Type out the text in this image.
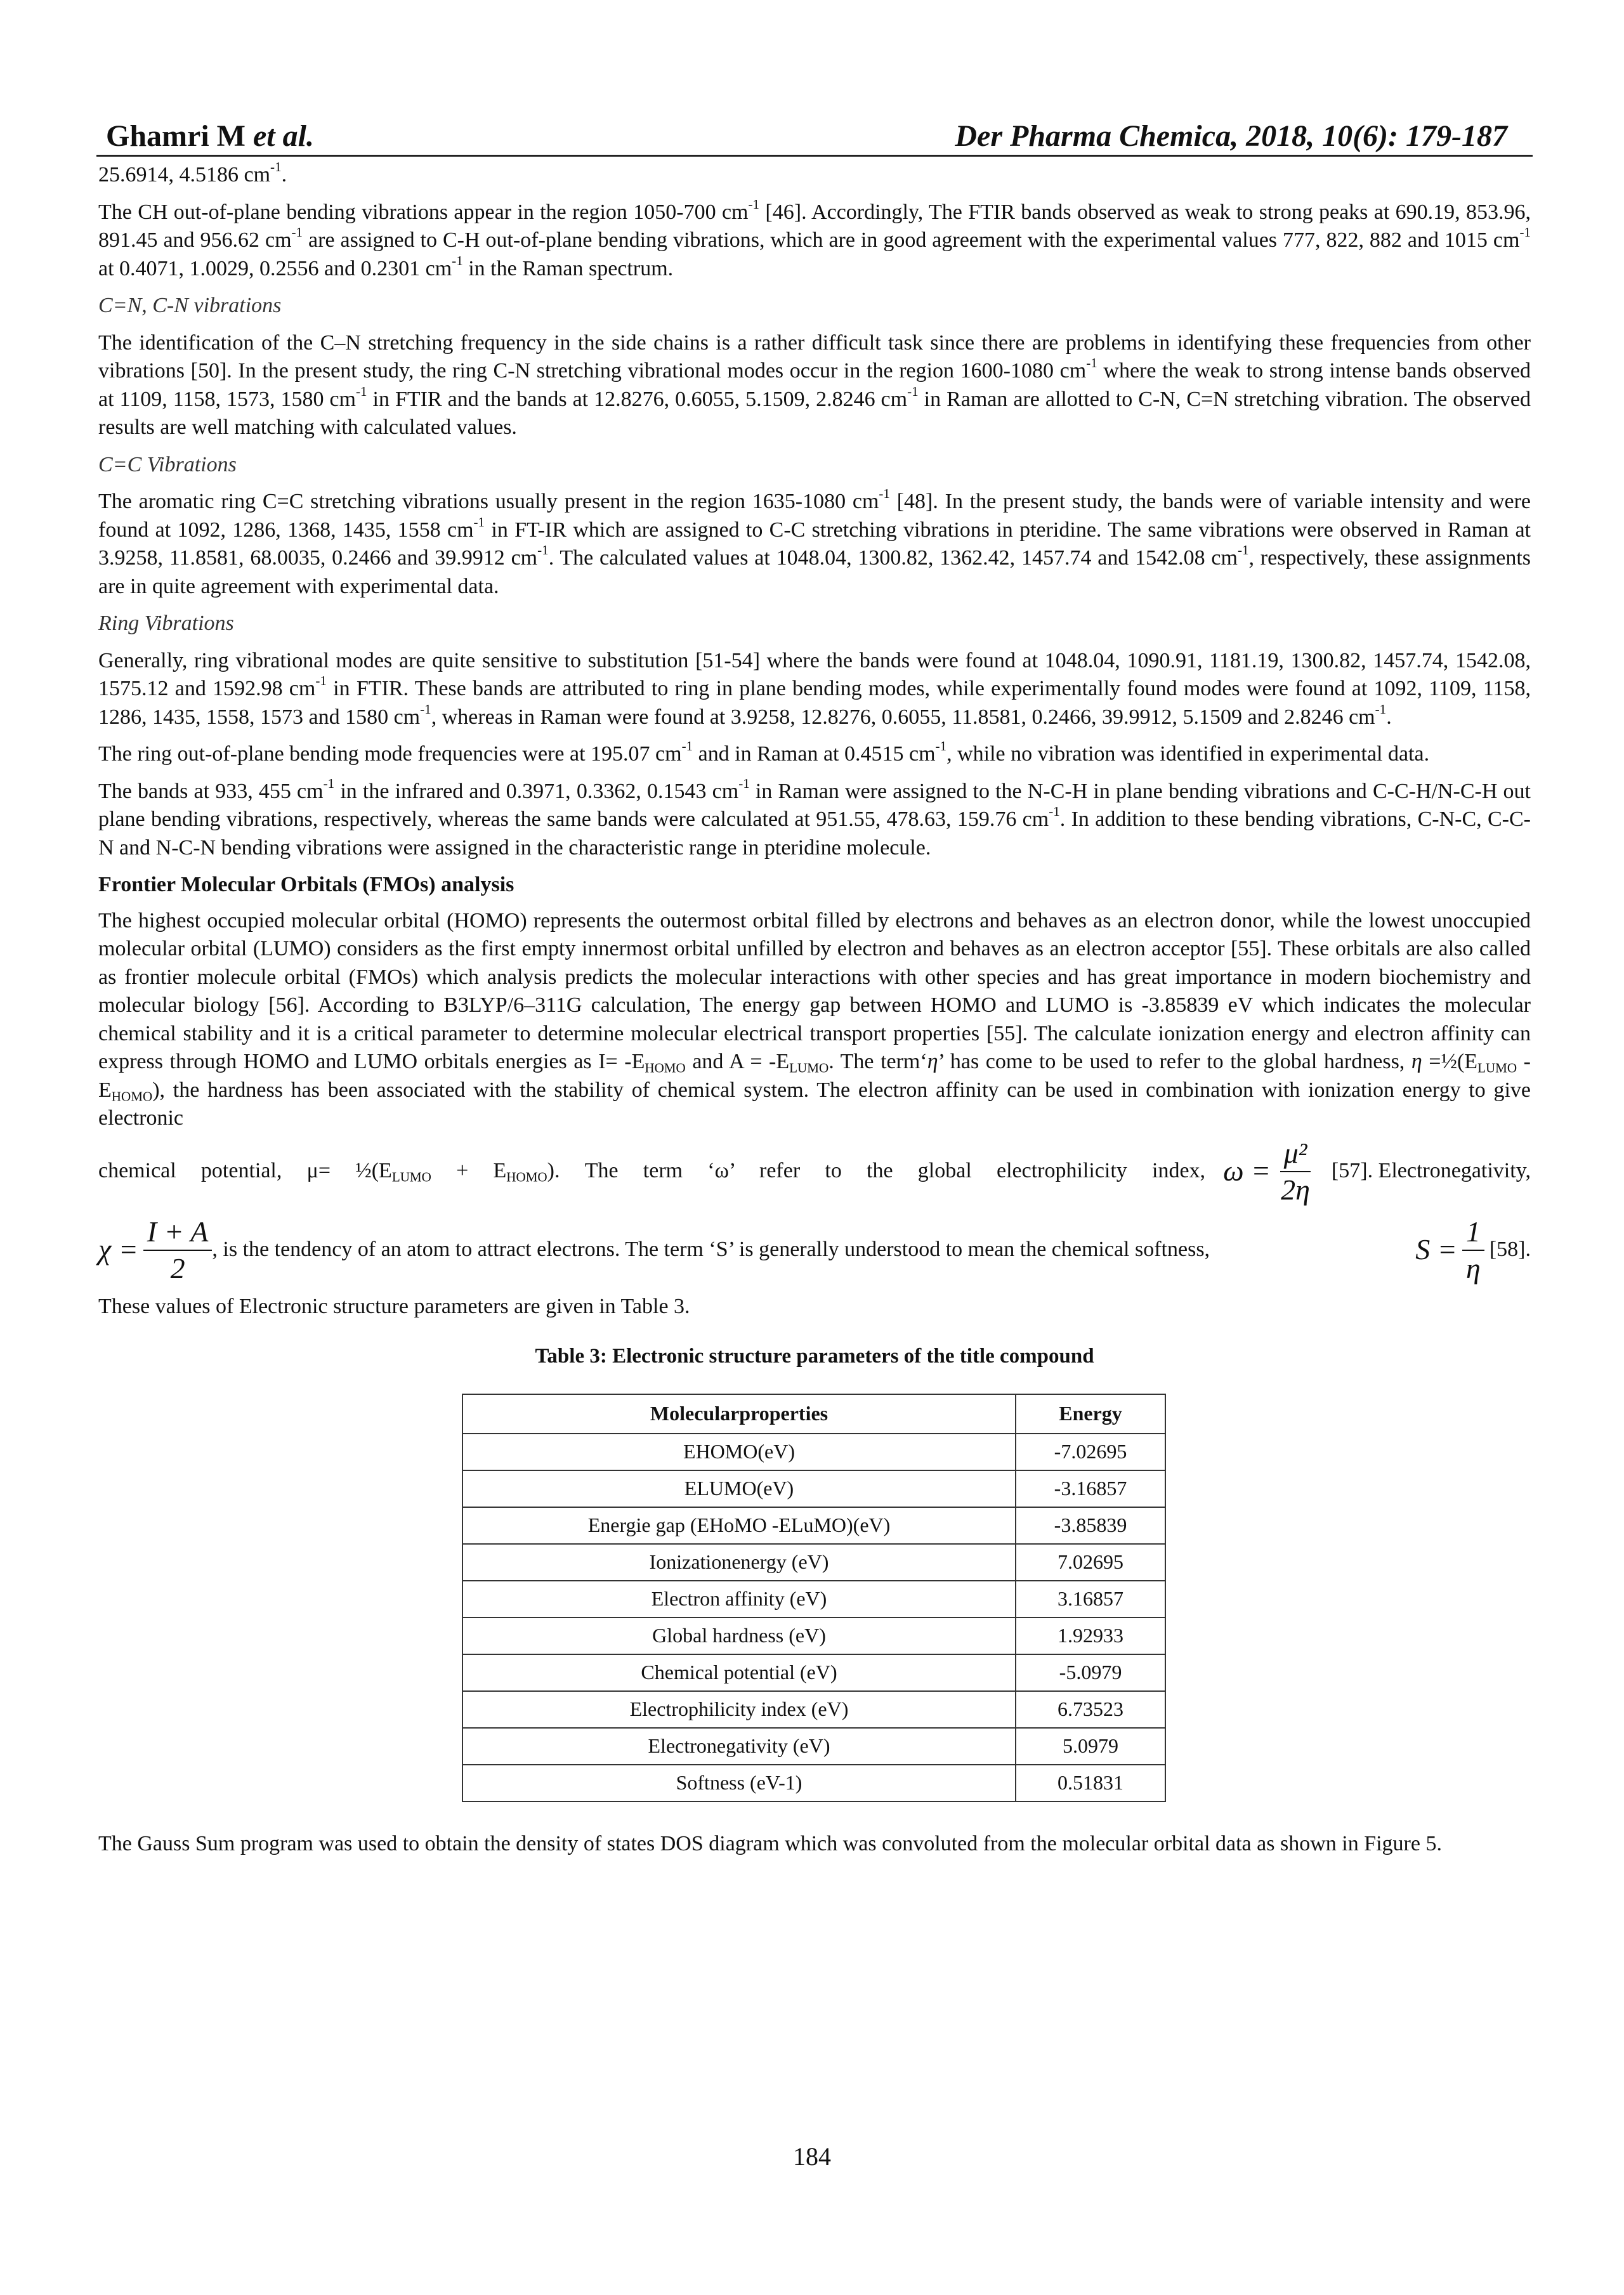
Ghamri M et al.	Der Pharma Chemica, 2018, 10(6): 179-187

25.6914, 4.5186 $cm^{-1}$.

The CH out-of-plane bending vibrations appear in the region 1050-700 $cm^{-1}$ [46]. Accordingly, The FTIR bands observed as weak to strong peaks at 690.19, 853.96, 891.45 and 956.62 $cm^{-1}$ are assigned to C-H out-of-plane bending vibrations, which are in good agreement with the experimental values 777, 822, 882 and 1015 $cm^{-1}$ at 0.4071, 1.0029, 0.2556 and 0.2301 $cm^{-1}$ in the Raman spectrum.

C=N, C-N vibrations

The identification of the C–N stretching frequency in the side chains is a rather difficult task since there are problems in identifying these frequencies from other vibrations [50]. In the present study, the ring C-N stretching vibrational modes occur in the region 1600-1080 $cm^{-1}$ where the weak to strong intense bands observed at 1109, 1158, 1573, 1580 $cm^{-1}$ in FTIR and the bands at 12.8276, 0.6055, 5.1509, 2.8246 $cm^{-1}$ in Raman are allotted to C-N, C=N stretching vibration. The observed results are well matching with calculated values.

C=C Vibrations

The aromatic ring C=C stretching vibrations usually present in the region 1635-1080 $cm^{-1}$ [48]. In the present study, the bands were of variable intensity and were found at 1092, 1286, 1368, 1435, 1558 $cm^{-1}$ in FT-IR which are assigned to C-C stretching vibrations in pteridine. The same vibrations were observed in Raman at 3.9258, 11.8581, 68.0035, 0.2466 and 39.9912 $cm^{-1}$. The calculated values at 1048.04, 1300.82, 1362.42, 1457.74 and 1542.08 $cm^{-1}$, respectively, these assignments are in quite agreement with experimental data.

Ring Vibrations

Generally, ring vibrational modes are quite sensitive to substitution [51-54] where the bands were found at 1048.04, 1090.91, 1181.19, 1300.82, 1457.74, 1542.08, 1575.12 and 1592.98 $cm^{-1}$ in FTIR. These bands are attributed to ring in plane bending modes, while experimentally found modes were found at 1092, 1109, 1158, 1286, 1435, 1558, 1573 and 1580 $cm^{-1}$, whereas in Raman were found at 3.9258, 12.8276, 0.6055, 11.8581, 0.2466, 39.9912, 5.1509 and 2.8246 $cm^{-1}$.

The ring out-of-plane bending mode frequencies were at 195.07 $cm^{-1}$ and in Raman at 0.4515 $cm^{-1}$, while no vibration was identified in experimental data.

The bands at 933, 455 $cm^{-1}$ in the infrared and 0.3971, 0.3362, 0.1543 $cm^{-1}$ in Raman were assigned to the N-C-H in plane bending vibrations and C-C-H/N-C-H out plane bending vibrations, respectively, whereas the same bands were calculated at 951.55, 478.63, 159.76 $cm^{-1}$. In addition to these bending vibrations, C-N-C, C-C-N and N-C-N bending vibrations were assigned in the characteristic range in pteridine molecule.

Frontier Molecular Orbitals (FMOs) analysis

The highest occupied molecular orbital (HOMO) represents the outermost orbital filled by electrons and behaves as an electron donor, while the lowest unoccupied molecular orbital (LUMO) considers as the first empty innermost orbital unfilled by electron and behaves as an electron acceptor [55]. These orbitals are also called as frontier molecule orbital (FMOs) which analysis predicts the molecular interactions with other species and has great importance in modern biochemistry and molecular biology [56]. According to B3LYP/6–311G calculation, The energy gap between HOMO and LUMO is -3.85839 eV which indicates the molecular chemical stability and it is a critical parameter to determine molecular electrical transport properties [55]. The calculate ionization energy and electron affinity can express through HOMO and LUMO orbitals energies as $I= -E_{HOMO}$ and $A = -E_{LUMO}$. The term‘η’ has come to be used to refer to the global hardness, $\eta =\frac{1}{2}(E_{LUMO} - E_{HOMO})$, the hardness has been associated with the stability of chemical system. The electron affinity can be used in combination with ionization energy to give electronic

chemical potential, $\mu= \frac{1}{2}(E_{LUMO} + E_{HOMO})$. The term ‘ω’ refer to the global electrophilicity index, $\omega = \frac{\text{μ²}}{2\eta} [57]$. Electronegativity,
$\chi = \frac{I + A}{2}$ , is the tendency of an atom to attract electrons. The term ‘S’ is generally understood to mean the chemical softness,	$S = \frac{1}{\eta} [58]$.

These values of Electronic structure parameters are given in Table 3.

Table 3: Electronic structure parameters of the title compound
Molecularproperties	Energy
EHOMO(eV)	-7.02695
ELUMO(eV)	-3.16857
Energie gap (EHoMO -ELuMO)(eV)	-3.85839
Ionizationenergy (eV)	7.02695
Electron affinity (eV)	3.16857
Global hardness (eV)	1.92933
Chemical potential (eV)	-5.0979
Electrophilicity index (eV)	6.73523
Electronegativity (eV)	5.0979
Softness (eV-1)	0.51831

The Gauss Sum program was used to obtain the density of states DOS diagram which was convoluted from the molecular orbital data as shown in Figure 5.

184
